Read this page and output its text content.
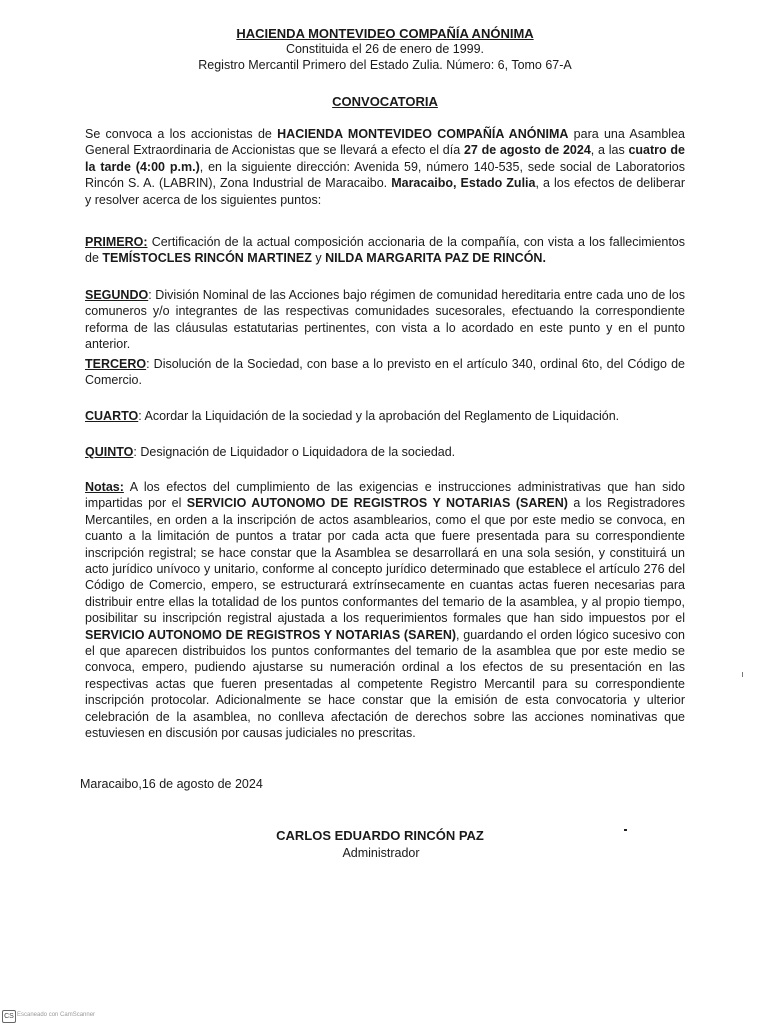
HACIENDA MONTEVIDEO COMPAÑÍA ANÓNIMA
Constituida el 26 de enero de 1999.
Registro Mercantil Primero del Estado Zulia. Número: 6, Tomo 67-A
CONVOCATORIA
Se convoca a los accionistas de HACIENDA MONTEVIDEO COMPAÑÍA ANÓNIMA para una Asamblea General Extraordinaria de Accionistas que se llevará a efecto el día 27 de agosto de 2024, a las cuatro de la tarde (4:00 p.m.), en la siguiente dirección: Avenida 59, número 140-535, sede social de Laboratorios Rincón S. A. (LABRIN), Zona Industrial de Maracaibo. Maracaibo, Estado Zulia, a los efectos de deliberar y resolver acerca de los siguientes puntos:
PRIMERO: Certificación de la actual composición accionaria de la compañía, con vista a los fallecimientos de TEMÍSTOCLES RINCÓN MARTINEZ y NILDA MARGARITA PAZ DE RINCÓN.
SEGUNDO: División Nominal de las Acciones bajo régimen de comunidad hereditaria entre cada uno de los comuneros y/o integrantes de las respectivas comunidades sucesorales, efectuando la correspondiente reforma de las cláusulas estatutarias pertinentes, con vista a lo acordado en este punto y en el punto anterior.
TERCERO: Disolución de la Sociedad, con base a lo previsto en el artículo 340, ordinal 6to, del Código de Comercio.
CUARTO: Acordar la Liquidación de la sociedad y la aprobación del Reglamento de Liquidación.
QUINTO: Designación de Liquidador o Liquidadora de la sociedad.
Notas: A los efectos del cumplimiento de las exigencias e instrucciones administrativas que han sido impartidas por el SERVICIO AUTONOMO DE REGISTROS Y NOTARIAS (SAREN) a los Registradores Mercantiles, en orden a la inscripción de actos asamblearios, como el que por este medio se convoca, en cuanto a la limitación de puntos a tratar por cada acta que fuere presentada para su correspondiente inscripción registral; se hace constar que la Asamblea se desarrollará en una sola sesión, y constituirá un acto jurídico unívoco y unitario, conforme al concepto jurídico determinado que establece el artículo 276 del Código de Comercio, empero, se estructurará extrínsecamente en cuantas actas fueren necesarias para distribuir entre ellas la totalidad de los puntos conformantes del temario de la asamblea, y al propio tiempo, posibilitar su inscripción registral ajustada a los requerimientos formales que han sido impuestos por el SERVICIO AUTONOMO DE REGISTROS Y NOTARIAS (SAREN), guardando el orden lógico sucesivo con el que aparecen distribuidos los puntos conformantes del temario de la asamblea que por este medio se convoca, empero, pudiendo ajustarse su numeración ordinal a los efectos de su presentación en las respectivas actas que fueren presentadas al competente Registro Mercantil para su correspondiente inscripción protocolar. Adicionalmente se hace constar que la emisión de esta convocatoria y ulterior celebración de la asamblea, no conlleva afectación de derechos sobre las acciones nominativas que estuviesen en discusión por causas judiciales no prescritas.
Maracaibo,16 de agosto de 2024
CARLOS EDUARDO RINCÓN PAZ
Administrador
CS Escaneado con CamScanner
